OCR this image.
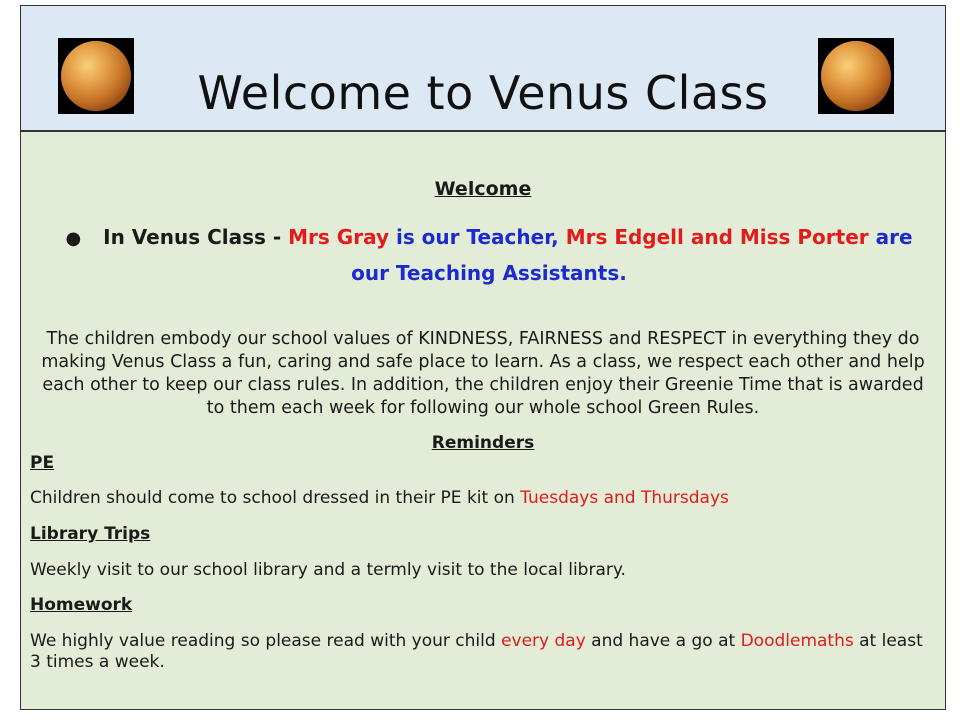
Welcome to Venus Class
Welcome
● In Venus Class - Mrs Gray is our Teacher, Mrs Edgell and Miss Porter are our Teaching Assistants.
The children embody our school values of KINDNESS, FAIRNESS and RESPECT in everything they do making Venus Class a fun, caring and safe place to learn. As a class, we respect each other and help each other to keep our class rules. In addition, the children enjoy their Greenie Time that is awarded to them each week for following our whole school Green Rules.
Reminders
PE
Children should come to school dressed in their PE kit on Tuesdays and Thursdays
Library Trips
Weekly visit to our school library and a termly visit to the local library.
Homework
We highly value reading so please read with your child every day and have a go at Doodlemaths at least 3 times a week.
